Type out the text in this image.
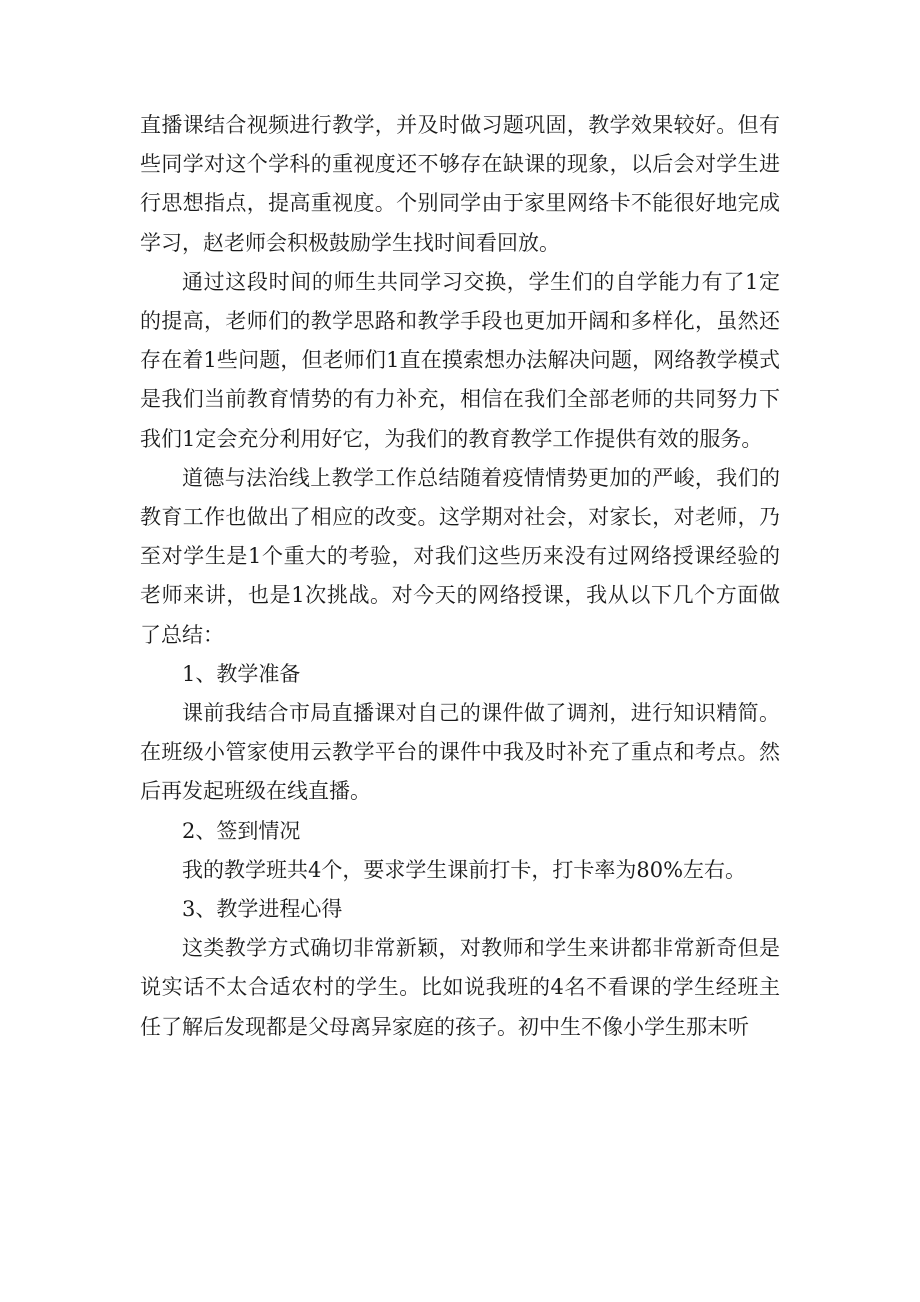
直播课结合视频进行教学，并及时做习题巩固，教学效果较好。但有些同学对这个学科的重视度还不够存在缺课的现象，以后会对学生进行思想指点，提高重视度。个别同学由于家里网络卡不能很好地完成学习，赵老师会积极鼓励学生找时间看回放。

通过这段时间的师生共同学习交换，学生们的自学能力有了1定的提高，老师们的教学思路和教学手段也更加开阔和多样化，虽然还存在着1些问题，但老师们1直在摸索想办法解决问题，网络教学模式是我们当前教育情势的有力补充，相信在我们全部老师的共同努力下我们1定会充分利用好它，为我们的教育教学工作提供有效的服务。

道德与法治线上教学工作总结随着疫情情势更加的严峻，我们的教育工作也做出了相应的改变。这学期对社会，对家长，对老师，乃至对学生是1个重大的考验，对我们这些历来没有过网络授课经验的老师来讲，也是1次挑战。对今天的网络授课，我从以下几个方面做了总结：

1、教学准备

课前我结合市局直播课对自己的课件做了调剂，进行知识精简。在班级小管家使用云教学平台的课件中我及时补充了重点和考点。然后再发起班级在线直播。

2、签到情况

我的教学班共4个，要求学生课前打卡，打卡率为80%左右。

3、教学进程心得

这类教学方式确切非常新颖，对教师和学生来讲都非常新奇但是说实话不太合适农村的学生。比如说我班的4名不看课的学生经班主任了解后发现都是父母离异家庭的孩子。初中生不像小学生那末听
